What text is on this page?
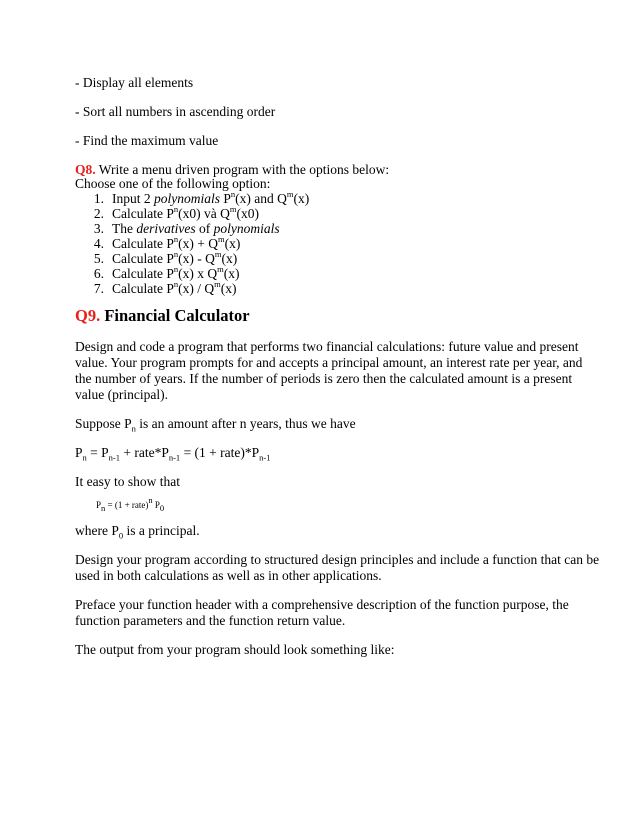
- Display all elements
- Sort all numbers in ascending order
- Find the maximum value
Q8. Write a menu driven program with the options below:
Choose one of the following option:
1. Input 2 polynomials $P^n(x)$ and $Q^m(x)$
2. Calculate $P^n(x0)$ và $Q^m(x0)$
3. The derivatives of polynomials
4. Calculate $P^n(x) + Q^m(x)$
5. Calculate $P^n(x) - Q^m(x)$
6. Calculate $P^n(x)$ x $Q^m(x)$
7. Calculate $P^n(x) / Q^m(x)$
Q9. Financial Calculator
Design and code a program that performs two financial calculations: future value and present
value. Your program prompts for and accepts a principal amount, an interest rate per year, and
the number of years. If the number of periods is zero then the calculated amount is a present
value (principal).
Suppose $P_n$ is an amount after n years, thus we have
$P_n = P_{n-1}$ + $rate*P_{n-1} = (1$ + $rate)*P_{n-1}$
It easy to show that
$P_n = (1$ + rate)$^n$ $P_0$
where $P_0$ is a principal.
Design your program according to structured design principles and include a function that can be
used in both calculations as well as in other applications.
Preface your function header with a comprehensive description of the function purpose, the
function parameters and the function return value.
The output from your program should look something like:
